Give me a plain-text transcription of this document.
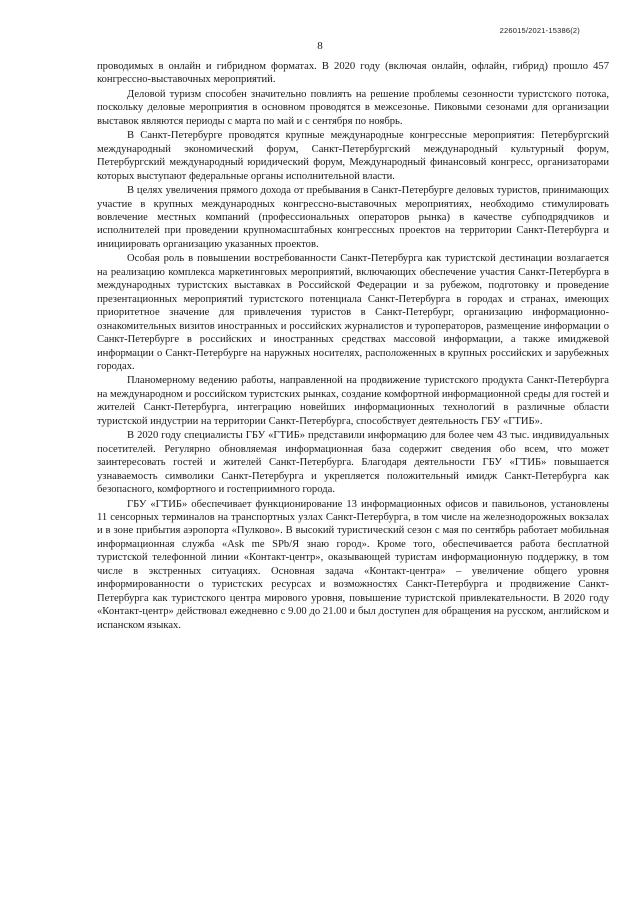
226015/2021-15386(2)
8

проводимых в онлайн и гибридном форматах. В 2020 году (включая онлайн, офлайн, гибрид) прошло 457 конгрессно-выставочных мероприятий.

Деловой туризм способен значительно повлиять на решение проблемы сезонности туристского потока, поскольку деловые мероприятия в основном проводятся в межсезонье. Пиковыми сезонами для организации выставок являются периоды с марта по май и с сентября по ноябрь.

В Санкт-Петербурге проводятся крупные международные конгрессные мероприятия: Петербургский международный экономический форум, Санкт-Петербургский международный культурный форум, Петербургский международный юридический форум, Международный финансовый конгресс, организаторами которых выступают федеральные органы исполнительной власти.

В целях увеличения прямого дохода от пребывания в Санкт-Петербурге деловых туристов, принимающих участие в крупных международных конгрессно-выставочных мероприятиях, необходимо стимулировать вовлечение местных компаний (профессиональных операторов рынка) в качестве субподрядчиков и исполнителей при проведении крупномасштабных конгрессных проектов на территории Санкт-Петербурга и инициировать организацию указанных проектов.

Особая роль в повышении востребованности Санкт-Петербурга как туристской дестинации возлагается на реализацию комплекса маркетинговых мероприятий, включающих обеспечение участия Санкт-Петербурга в международных туристских выставках в Российской Федерации и за рубежом, подготовку и проведение презентационных мероприятий туристского потенциала Санкт-Петербурга в городах и странах, имеющих приоритетное значение для привлечения туристов в Санкт-Петербург, организацию информационно-ознакомительных визитов иностранных и российских журналистов и туроператоров, размещение информации о Санкт-Петербурге в российских и иностранных средствах массовой информации, а также имиджевой информации о Санкт-Петербурге на наружных носителях, расположенных в крупных российских и зарубежных городах.

Планомерному ведению работы, направленной на продвижение туристского продукта Санкт-Петербурга на международном и российском туристских рынках, создание комфортной информационной среды для гостей и жителей Санкт-Петербурга, интеграцию новейших информационных технологий в различные области туристской индустрии на территории Санкт-Петербурга, способствует деятельность ГБУ «ГТИБ».

В 2020 году специалисты ГБУ «ГТИБ» представили информацию для более чем 43 тыс. индивидуальных посетителей. Регулярно обновляемая информационная база содержит сведения обо всем, что может заинтересовать гостей и жителей Санкт-Петербурга. Благодаря деятельности ГБУ «ГТИБ» повышается узнаваемость символики Санкт-Петербурга и укрепляется положительный имидж Санкт-Петербурга как безопасного, комфортного и гостеприимного города.

ГБУ «ГТИБ» обеспечивает функционирование 13 информационных офисов и павильонов, установлены 11 сенсорных терминалов на транспортных узлах Санкт-Петербурга, в том числе на железнодорожных вокзалах и в зоне прибытия аэропорта «Пулково». В высокий туристический сезон с мая по сентябрь работает мобильная информационная служба «Ask me SPb/Я знаю город». Кроме того, обеспечивается работа бесплатной туристской телефонной линии «Контакт-центр», оказывающей туристам информационную поддержку, в том числе в экстренных ситуациях. Основная задача «Контакт-центра» – увеличение общего уровня информированности о туристских ресурсах и возможностях Санкт-Петербурга и продвижение Санкт-Петербурга как туристского центра мирового уровня, повышение туристской привлекательности. В 2020 году «Контакт-центр» действовал ежедневно с 9.00 до 21.00 и был доступен для обращения на русском, английском и испанском языках.
